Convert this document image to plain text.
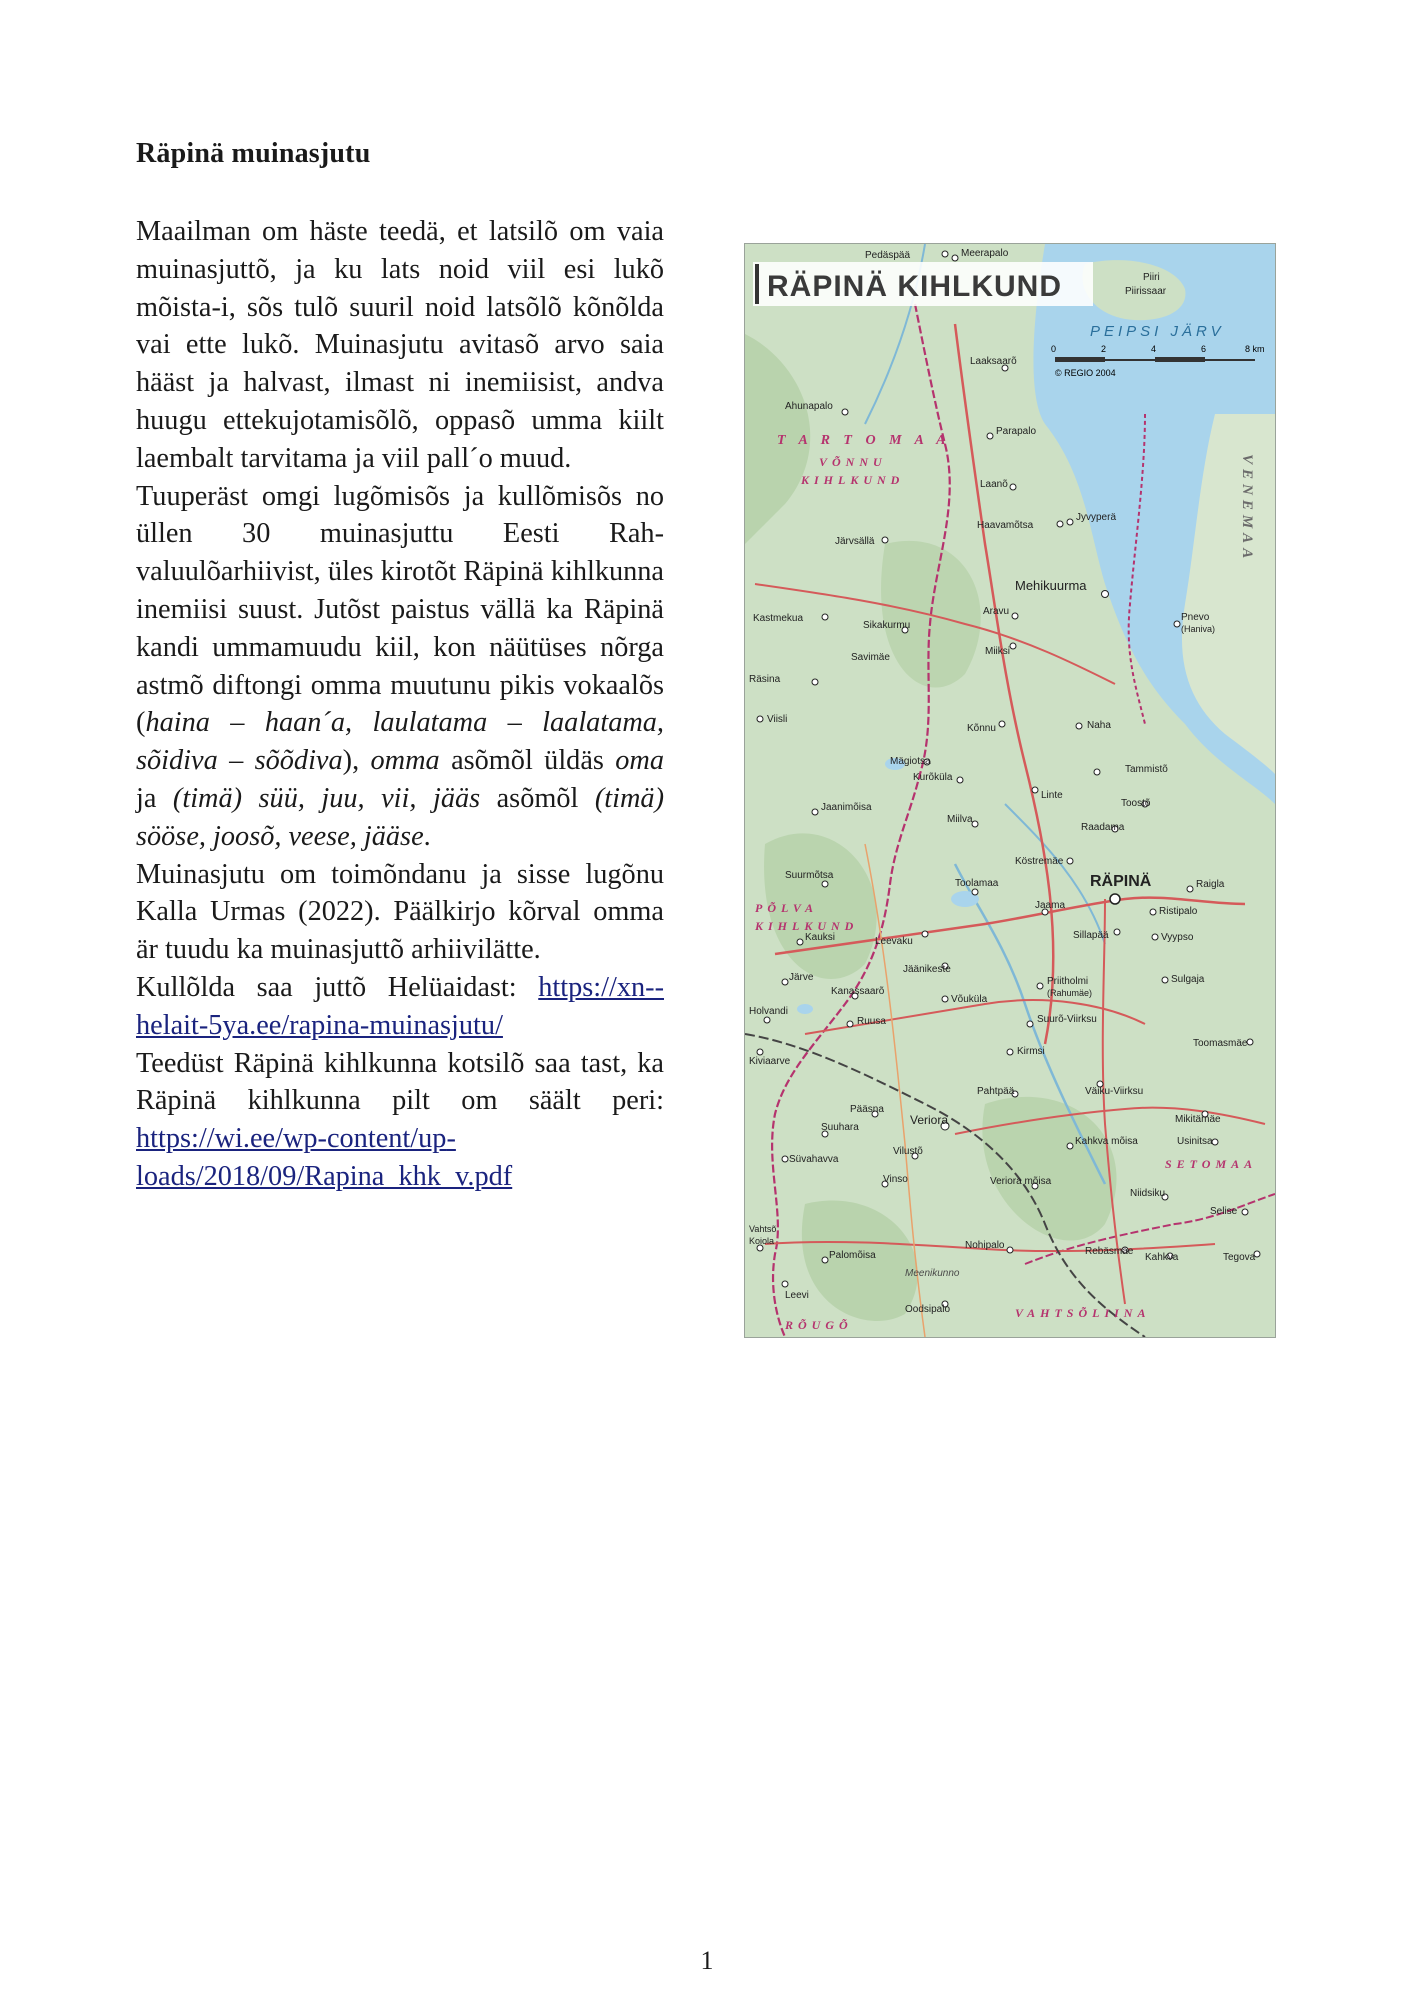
Räpinä muinasjutu

Maailman om häste teedä, et latsilõ om vaia muinasjuttõ, ja ku lats noid viil esi lukõ mõista-i, sõs tulõ suuril noid latsõlõ kõnõlda vai ette lukõ. Muinasjutu avitasõ arvo saia hääst ja halvast, ilmast ni inemiisist, andva huugu ettekujotamisõlõ, oppasõ umma kiilt laembalt tarvitama ja viil pall´o muud.

Tuuperäst omgi lugõmisõs ja kullõmisõs no üllen 30 muinasjuttu Eesti Rahvaluulõarhiivist, üles kirotõt Räpinä kihlkunna inemiisi suust. Jutõst paistus vällä ka Räpinä kandi ummamuudu kiil, kon näütüses nõrga astmõ diftongi omma muutunu pikis vokaalõs (haina – haan´a, laulatama – laalatama, sõidiva – sõõdiva), omma asõmõl üldäs oma ja (timä) süü, juu, vii, jääs asõmõl (timä) sööse, joosõ, veese, jääse.

Muinasjutu om toimõndanu ja sisse lugõnu Kalla Urmas (2022). Päälkirjo kõrval omma är tuudu ka muinasjuttõ arhiivilätte.

Kullõlda saa juttõ Helüaidast: https://xn--helait-5ya.ee/rapina-muinasjutu/

Teedüst Räpinä kihlkunna kotsilõ saa tast, ka Räpinä kihlkunna pilt om säält peri: https://wi.ee/wp-content/uploads/2018/09/Rapina_khk_v.pdf

RÄPINÄ KIHLKUND
PEIPSI JÄRV
0	2	4	6	8 km
© REGIO 2004
T A R T O M A A
VÕNNU
KIHLKUND
PÕLVA
KIHLKUND
SETOMAA
VAHTSÕLIINA
RÕUGÕ
VENEMAA
Pedäspää	Meerapalo
Piiri
Piirissaar
Laaksaarõ
Ahunapalo
Parapalo
Laanõ
Haavamõtsa
Jyvyperä
Järvsällä
Mehikuurma
Aravu
Kastmekua
Sikakurmu
Miiksi
Pnevo
(Haniva)
Savimäe
Räsina
Viisli
Kõnnu	Naha
Mägiotsa
Kurõküla
Linte
Tammistõ
Toostõ
Jaanimõisa
Miilva
Raadama
Köstremäe
RÄPINÄ	Raigla
Suurmõtsa
Toolamaa
Jaama
Ristipalo
Kauksi	Leevaku
Sillapää	Vyypso
Jäänikeste
Järve
Kanassaarõ
Võuküla
Priitholmi
(Rahumäe)
Sulgaja
Holvandi
Ruusa	Suurõ-Viirksu
Kirmsi
Toomasmäe
Kiviaarve
Pahtpää	Väiku-Viirksu
Pääsna
Veriora	Mikitämäe
Suuhara
Usinitsa
Kahkva mõisa
Süvahavva
Vilustõ
Vinso	Veriora mõisa
Niidsiku
Selise
Vahtsõ
Koiola	Nohipalo
Rebäsmäe
Kahkva	Tegova
Palomõisa
Meenikunno
Leevi
Oodsipalo
1
